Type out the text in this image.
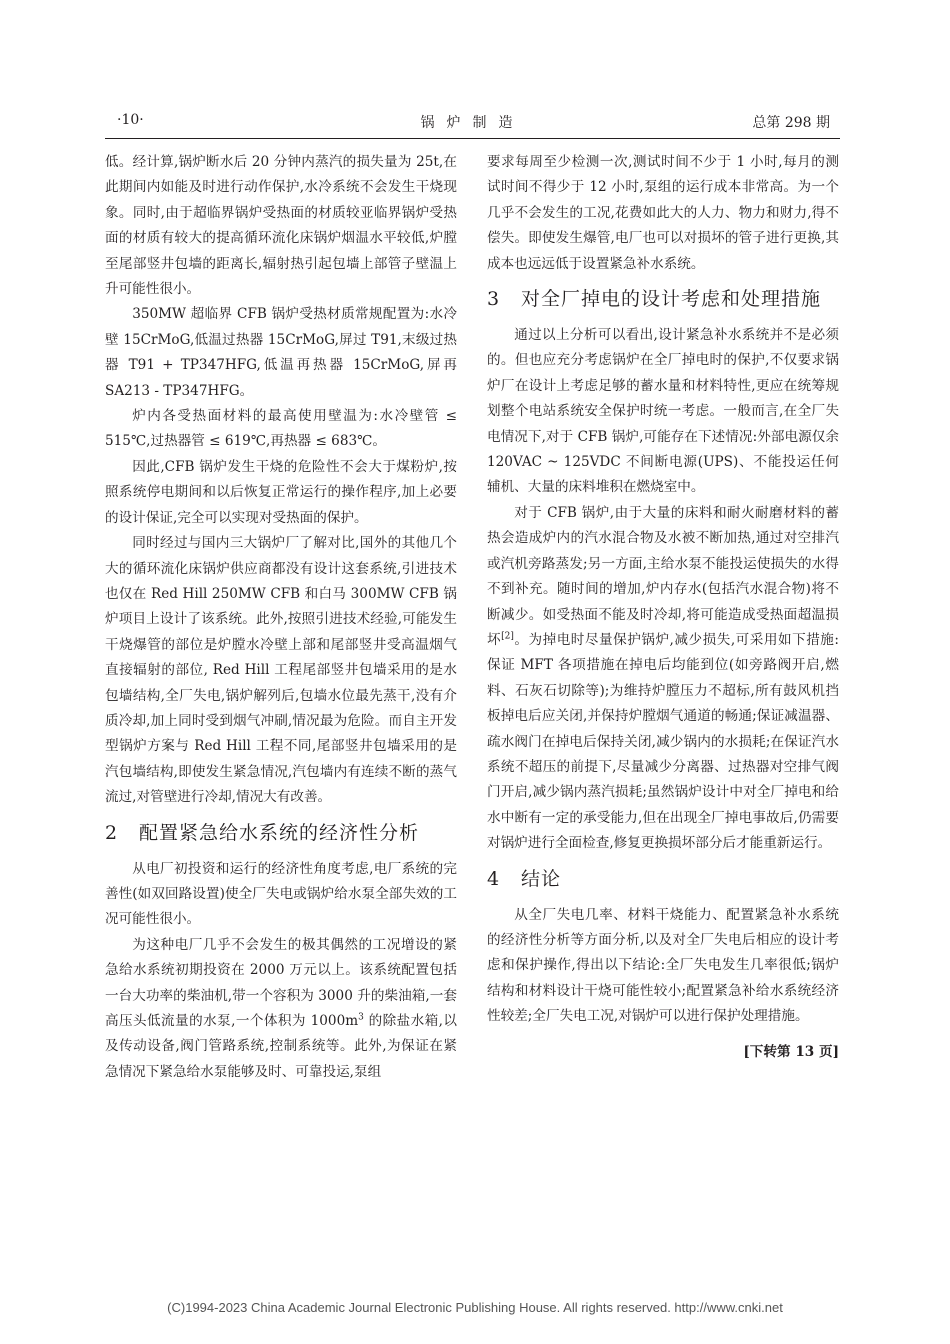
·10·	锅炉制造	总第 298 期

低。经计算,锅炉断水后 20 分钟内蒸汽的损失量为 25t,在此期间内如能及时进行动作保护,水冷系统不会发生干烧现象。同时,由于超临界锅炉受热面的材质较亚临界锅炉受热面的材质有较大的提高循环流化床锅炉烟温水平较低,炉膛至尾部竖井包墙的距离长,辐射热引起包墙上部管子壁温上升可能性很小。

350MW 超临界 CFB 锅炉受热材质常规配置为:水冷壁 15CrMoG,低温过热器 15CrMoG,屏过 T91,末级过热器 T91 + TP347HFG,低温再热器 15CrMoG,屏再 SA213 - TP347HFG。

炉内各受热面材料的最高使用壁温为:水冷壁管 ≤ 515℃,过热器管 ≤ 619℃,再热器 ≤ 683℃。

因此,CFB 锅炉发生干烧的危险性不会大于煤粉炉,按照系统停电期间和以后恢复正常运行的操作程序,加上必要的设计保证,完全可以实现对受热面的保护。

同时经过与国内三大锅炉厂了解对比,国外的其他几个大的循环流化床锅炉供应商都没有设计这套系统,引进技术也仅在 Red Hill 250MW CFB 和白马 300MW CFB 锅炉项目上设计了该系统。此外,按照引进技术经验,可能发生干烧爆管的部位是炉膛水冷壁上部和尾部竖井受高温烟气直接辐射的部位, Red Hill 工程尾部竖井包墙采用的是水包墙结构,全厂失电,锅炉解列后,包墙水位最先蒸干,没有介质冷却,加上同时受到烟气冲刷,情况最为危险。而自主开发型锅炉方案与 Red Hill 工程不同,尾部竖井包墙采用的是汽包墙结构,即使发生紧急情况,汽包墙内有连续不断的蒸气流过,对管壁进行冷却,情况大有改善。

2 配置紧急给水系统的经济性分析

从电厂初投资和运行的经济性角度考虑,电厂系统的完善性(如双回路设置)使全厂失电或锅炉给水泵全部失效的工况可能性很小。

为这种电厂几乎不会发生的极其偶然的工况增设的紧急给水系统初期投资在 2000 万元以上。该系统配置包括一台大功率的柴油机,带一个容积为 3000 升的柴油箱,一套高压头低流量的水泵,一个体积为 $1000m^3$ 的除盐水箱,以及传动设备,阀门管路系统,控制系统等。此外,为保证在紧急情况下紧急给水泵能够及时、可靠投运,泵组

要求每周至少检测一次,测试时间不少于 1 小时,每月的测试时间不得少于 12 小时,泵组的运行成本非常高。为一个几乎不会发生的工况,花费如此大的人力、物力和财力,得不偿失。即使发生爆管,电厂也可以对损坏的管子进行更换,其成本也远远低于设置紧急补水系统。

3 对全厂掉电的设计考虑和处理措施

通过以上分析可以看出,设计紧急补水系统并不是必须的。但也应充分考虑锅炉在全厂掉电时的保护,不仅要求锅炉厂在设计上考虑足够的蓄水量和材料特性,更应在统筹规划整个电站系统安全保护时统一考虑。一般而言,在全厂失电情况下,对于 CFB 锅炉,可能存在下述情况:外部电源仅余 120VAC ~ 125VDC 不间断电源(UPS)、不能投运任何辅机、大量的床料堆积在燃烧室中。

对于 CFB 锅炉,由于大量的床料和耐火耐磨材料的蓄热会造成炉内的汽水混合物及水被不断加热,通过对空排汽或汽机旁路蒸发;另一方面,主给水泵不能投运使损失的水得不到补充。随时间的增加,炉内存水(包括汽水混合物)将不断减少。如受热面不能及时冷却,将可能造成受热面超温损坏[2]。为掉电时尽量保护锅炉,减少损失,可采用如下措施:保证 MFT 各项措施在掉电后均能到位(如旁路阀开启,燃料、石灰石切除等);为维持炉膛压力不超标,所有鼓风机挡板掉电后应关闭,并保持炉膛烟气通道的畅通;保证减温器、疏水阀门在掉电后保持关闭,减少锅内的水损耗;在保证汽水系统不超压的前提下,尽量减少分离器、过热器对空排气阀门开启,减少锅内蒸汽损耗;虽然锅炉设计中对全厂掉电和给水中断有一定的承受能力,但在出现全厂掉电事故后,仍需要对锅炉进行全面检查,修复更换损坏部分后才能重新运行。

4 结论

从全厂失电几率、材料干烧能力、配置紧急补水系统的经济性分析等方面分析,以及对全厂失电后相应的设计考虑和保护操作,得出以下结论:全厂失电发生几率很低;锅炉结构和材料设计干烧可能性较小;配置紧急补给水系统经济性较差;全厂失电工况,对锅炉可以进行保护处理措施。

[下转第 13 页]
(C)1994-2023 China Academic Journal Electronic Publishing House. All rights reserved. http://www.cnki.net
